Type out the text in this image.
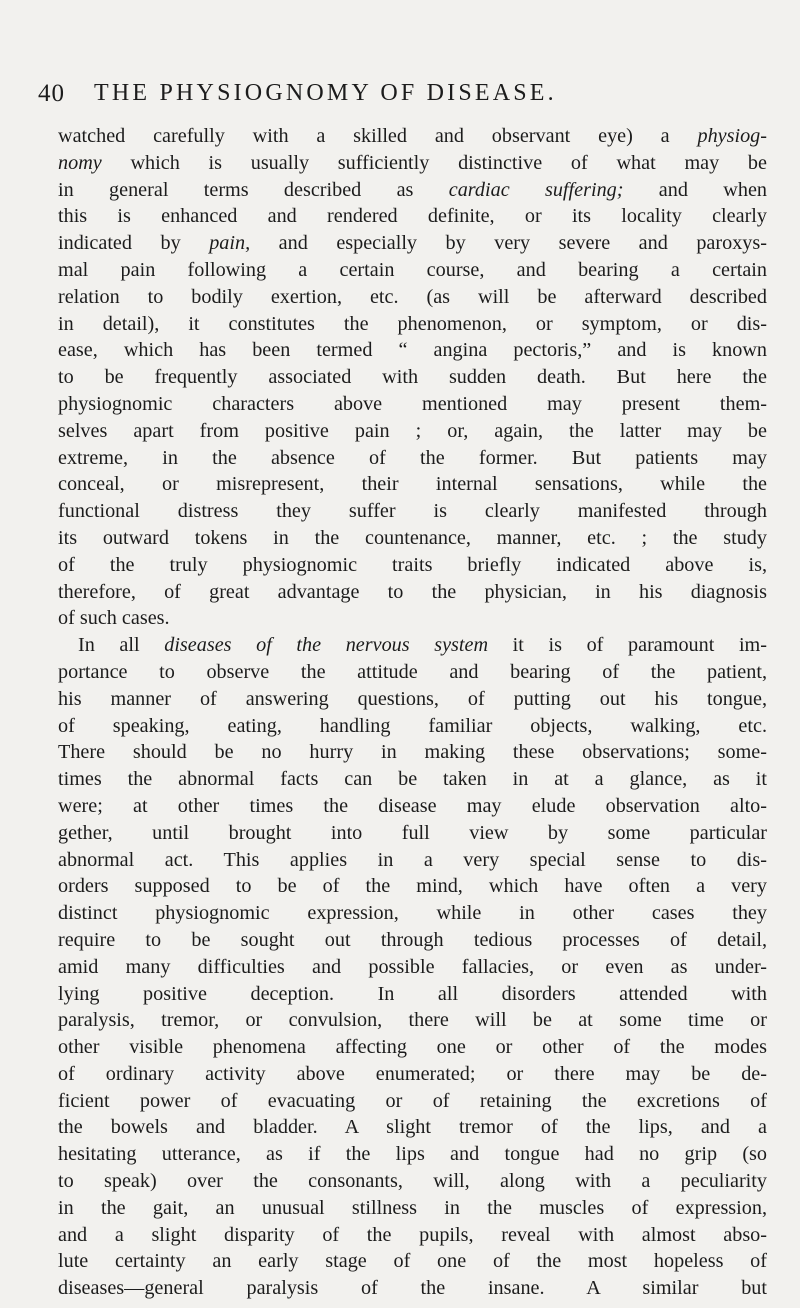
40 THE PHYSIOGNOMY OF DISEASE.
watched carefully with a skilled and observant eye) a physiog-
nomy which is usually sufficiently distinctive of what may be
in general terms described as cardiac suffering; and when
this is enhanced and rendered definite, or its locality clearly
indicated by pain, and especially by very severe and paroxys-
mal pain following a certain course, and bearing a certain
relation to bodily exertion, etc. (as will be afterward described
in detail), it constitutes the phenomenon, or symptom, or dis-
ease, which has been termed “ angina pectoris,” and is known
to be frequently associated with sudden death. But here the
physiognomic characters above mentioned may present them-
selves apart from positive pain ; or, again, the latter may be
extreme, in the absence of the former. But patients may
conceal, or misrepresent, their internal sensations, while the
functional distress they suffer is clearly manifested through
its outward tokens in the countenance, manner, etc. ; the study
of the truly physiognomic traits briefly indicated above is,
therefore, of great advantage to the physician, in his diagnosis
of such cases.
In all diseases of the nervous system it is of paramount im-
portance to observe the attitude and bearing of the patient,
his manner of answering questions, of putting out his tongue,
of speaking, eating, handling familiar objects, walking, etc.
There should be no hurry in making these observations; some-
times the abnormal facts can be taken in at a glance, as it
were; at other times the disease may elude observation alto-
gether, until brought into full view by some particular
abnormal act. This applies in a very special sense to dis-
orders supposed to be of the mind, which have often a very
distinct physiognomic expression, while in other cases they
require to be sought out through tedious processes of detail,
amid many difficulties and possible fallacies, or even as under-
lying positive deception. In all disorders attended with
paralysis, tremor, or convulsion, there will be at some time or
other visible phenomena affecting one or other of the modes
of ordinary activity above enumerated; or there may be de-
ficient power of evacuating or of retaining the excretions of
the bowels and bladder. A slight tremor of the lips, and a
hesitating utterance, as if the lips and tongue had no grip (so
to speak) over the consonants, will, along with a peculiarity
in the gait, an unusual stillness in the muscles of expression,
and a slight disparity of the pupils, reveal with almost abso-
lute certainty an early stage of one of the most hopeless of
diseases—general paralysis of the insane. A similar but
